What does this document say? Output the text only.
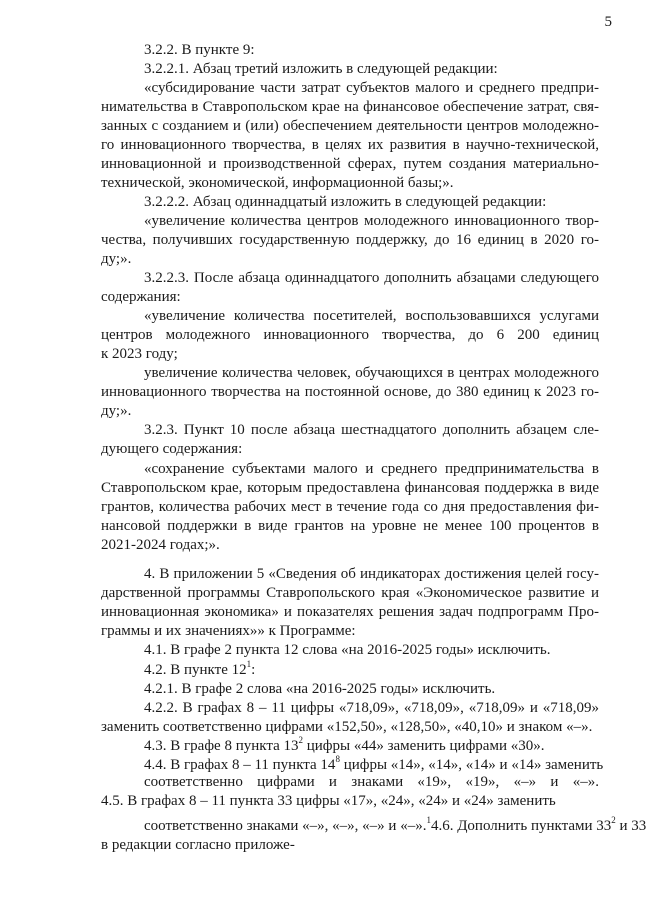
5
3.2.2. В пункте 9:
3.2.2.1. Абзац третий изложить в следующей редакции:
«субсидирование части затрат субъектов малого и среднего предпри-
нимательства в Ставропольском крае на финансовое обеспечение затрат, свя-
занных с созданием и (или) обеспечением деятельности центров молодежно-
го инновационного творчества, в целях их развития в научно-технической,
инновационной и производственной сферах, путем создания материально-
технической, экономической, информационной базы;».
3.2.2.2. Абзац одиннадцатый изложить в следующей редакции:
«увеличение количества центров молодежного инновационного твор-
чества, получивших государственную поддержку, до 16 единиц в 2020 го-
ду;».
3.2.2.3. После абзаца одиннадцатого дополнить абзацами следующего
содержания:
«увеличение количества посетителей, воспользовавшихся услугами
центров молодежного инновационного творчества, до 6 200 единиц
к 2023 году;
увеличение количества человек, обучающихся в центрах молодежного
инновационного творчества на постоянной основе, до 380 единиц к 2023 го-
ду;».
3.2.3. Пункт 10 после абзаца шестнадцатого дополнить абзацем сле-
дующего содержания:
«сохранение субъектами малого и среднего предпринимательства в
Ставропольском крае, которым предоставлена финансовая поддержка в виде
грантов, количества рабочих мест в течение года со дня предоставления фи-
нансовой поддержки в виде грантов на уровне не менее 100 процентов в
2021-2024 годах;».
4. В приложении 5 «Сведения об индикаторах достижения целей госу-
дарственной программы Ставропольского края «Экономическое развитие и
инновационная экономика» и показателях решения задач подпрограмм Про-
граммы и их значениях»» к Программе:
4.1. В графе 2 пункта 12 слова «на 2016-2025 годы» исключить.
4.2. В пункте $12^1$:
4.2.1. В графе 2 слова «на 2016-2025 годы» исключить.
4.2.2. В графах 8 – 11 цифры «718,09», «718,09», «718,09» и «718,09»
заменить соответственно цифрами «152,50», «128,50», «40,10» и знаком «–».
4.3. В графе 8 пункта $13^2$ цифры «44» заменить цифрами «30».
4.4. В графах 8 – 11 пункта $14^8$ цифры «14», «14», «14» и «14» заменить
соответственно цифрами и знаками «19», «19», «–» и «–».
4.5. В графах 8 – 11 пункта 33 цифры «17», «24», «24» и «24» заменить
соответственно знаками «–», «–», «–» и «–».$^1$4.6. Дополнить пунктами $33^2$ и 33
в редакции согласно приложе-
